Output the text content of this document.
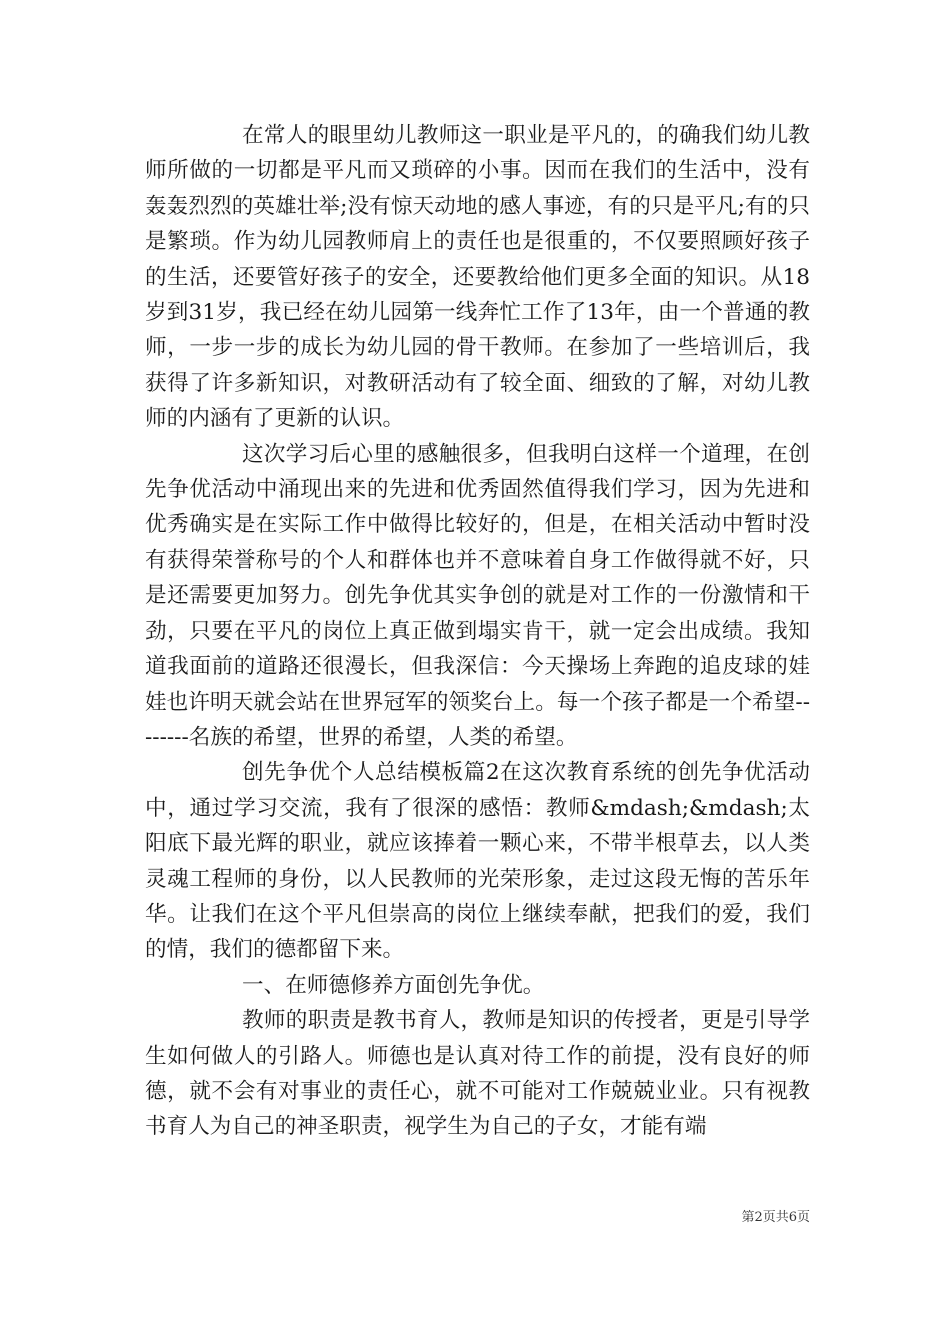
在常人的眼里幼儿教师这一职业是平凡的，的确我们幼儿教师所做的一切都是平凡而又琐碎的小事。因而在我们的生活中，没有轰轰烈烈的英雄壮举;没有惊天动地的感人事迹，有的只是平凡;有的只是繁琐。作为幼儿园教师肩上的责任也是很重的，不仅要照顾好孩子的生活，还要管好孩子的安全，还要教给他们更多全面的知识。从18岁到31岁，我已经在幼儿园第一线奔忙工作了13年，由一个普通的教师，一步一步的成长为幼儿园的骨干教师。在参加了一些培训后，我获得了许多新知识，对教研活动有了较全面、细致的了解，对幼儿教师的内涵有了更新的认识。

这次学习后心里的感触很多，但我明白这样一个道理，在创先争优活动中涌现出来的先进和优秀固然值得我们学习，因为先进和优秀确实是在实际工作中做得比较好的，但是，在相关活动中暂时没有获得荣誉称号的个人和群体也并不意味着自身工作做得就不好，只是还需要更加努力。创先争优其实争创的就是对工作的一份激情和干劲，只要在平凡的岗位上真正做到塌实肯干，就一定会出成绩。我知道我面前的道路还很漫长，但我深信：今天操场上奔跑的追皮球的娃娃也许明天就会站在世界冠军的领奖台上。每一个孩子都是一个希望--------名族的希望，世界的希望，人类的希望。

创先争优个人总结模板篇2在这次教育系统的创先争优活动中，通过学习交流，我有了很深的感悟：教师&mdash;&mdash;太阳底下最光辉的职业，就应该捧着一颗心来，不带半根草去，以人类灵魂工程师的身份，以人民教师的光荣形象，走过这段无悔的苦乐年华。让我们在这个平凡但崇高的岗位上继续奉献，把我们的爱，我们的情，我们的德都留下来。

一、在师德修养方面创先争优。

教师的职责是教书育人，教师是知识的传授者，更是引导学生如何做人的引路人。师德也是认真对待工作的前提，没有良好的师德，就不会有对事业的责任心，就不可能对工作兢兢业业。只有视教书育人为自己的神圣职责，视学生为自己的子女，才能有端

第2页共6页
